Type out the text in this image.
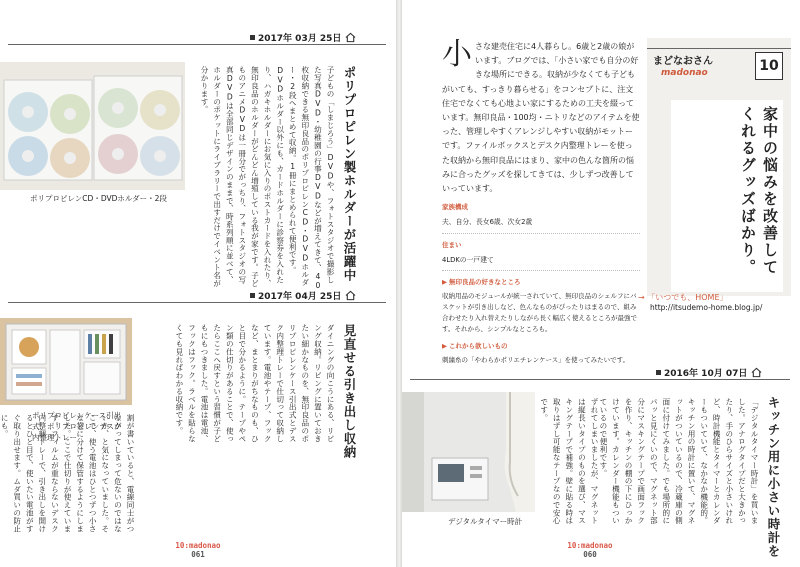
2017年 03月 25日
ポリプロピレンCD・DVDホルダー・2段	ポリプロピレン製ホルダーが活躍中
子どもの「しまじろう」DVDや、フォトスタジオで撮影した写真DVD・幼稚園の行事DVDなどが増えてきて、40枚収納できる無印良品のポリプロピレンCD・DVDホルダー・2段へまとめて収納。1冊にまとめられて便利です。DVDホルダー以外にも、カードホルダーに診察券を入れたり、ハガキホルダーにお気に入りのポストカードを入れたり、無印良品のホルダーがどんどん増殖している我が家です。子どものアニメDVDは一冊分でがっちり、フォトスタジオの写真DVDは全部同じデザインのままで、時系列順に並べて、ホルダーのポケットにライブラリーで出すだけでイベント名が分かります。
2017年 04月 25日
ポリプロピレンケース引出式、ポリプロピレンデスク内整理トレー	見直せる引き出し収納
ダイニングの向こうにある、リビング収納。リビングに置いておきたい細かなものを、無印良品のポリプロピレンケース引出式とデスク内整理トレーで仕切って収納しています。電池やテープ、フックなど、まとまりがちなものも、ひと目で分かるように。テープやペン類の仕切りがあることで、使ったらここへ戻すという習慣が子どもにもつきました。電池は電池、フックはフック。ラベルを貼らなくても見ればわかる収納です。
割が書いていると、電線同士がつながってしまって危ないのではないか、と気になっていました。そこで、使う電池はひとつずつ小さな袋に分けて保管するようにしました。ここで仕切りが使えています。フィルムが重ならないデスク内整理トレーで、引き出しを開けるとひと目で、使いたい電池がすぐ取り出せます。ムダ買いの防止にも。
10:madonao
061
小 さな建売住宅に4人暮らし。6歳と2歳の娘がいます。ブログでは、「小さい家でも自分の好きな場所にできる。収納が少なくても子どもがいても、すっきり暮らせる」をコンセプトに、注文住宅でなくても心地よい家にするための工夫を綴っています。無印良品・100均・ニトリなどのアイテムを使った、管理しやすくアレンジしやすい収納がモットーです。ファイルボックスとデスク内整理トレーを使った収納から無印良品にはまり、家中の色んな箇所の悩みに合ったグッズを探してきては、少しずつ改善していっています。
家族構成
夫、自分、長女6歳、次女2歳
住まい
4LDKの一戸建て
▶ 無印良品の好きなところ
収納用品のモジュールが統一されていて、無印良品のシェルフにバスケットが引き出しなど、色んなものがぴったりはまるので、組み合わせたり入れ替えたりしながら長く幅広く使えるところが最強です。それから、シンプルなところも。
▶ これから欲しいもの
刺繍糸の「やわらかポリエチレンケース」を使ってみたいです。
まどなおさん
madonao	10
家中の悩みを改善してくれるグッズばかり。
→ 「いつでも、HOME」
http://itsudemo-home.blog.jp/
2016年 10月 07日
デジタルタイマー時計	キッチン用に小さい時計を
「デジタルタイマー時計」を買いました。アナログタイプだと大きかったり、手のひらサイズと小さいけれど、時計機能とタイマーとカレンダーもついていて、なかなか機能的。キッチン用の時計に置いて、マグネットがついているので、冷蔵庫の側面に付けてみました。でも場所的にパッと見にくいので、マグネット部分にマスキングテープで画面フックを作り、キッチンの棚の下にひっかけています。カレンダー機能もついているので便利です。
ずれてしまいましたが、マグネットは縦長いタイプのものを選び、マスキングテープで補強。壁に貼る時は取りはずし可能なテープなので安心です。
10:madonao
060
